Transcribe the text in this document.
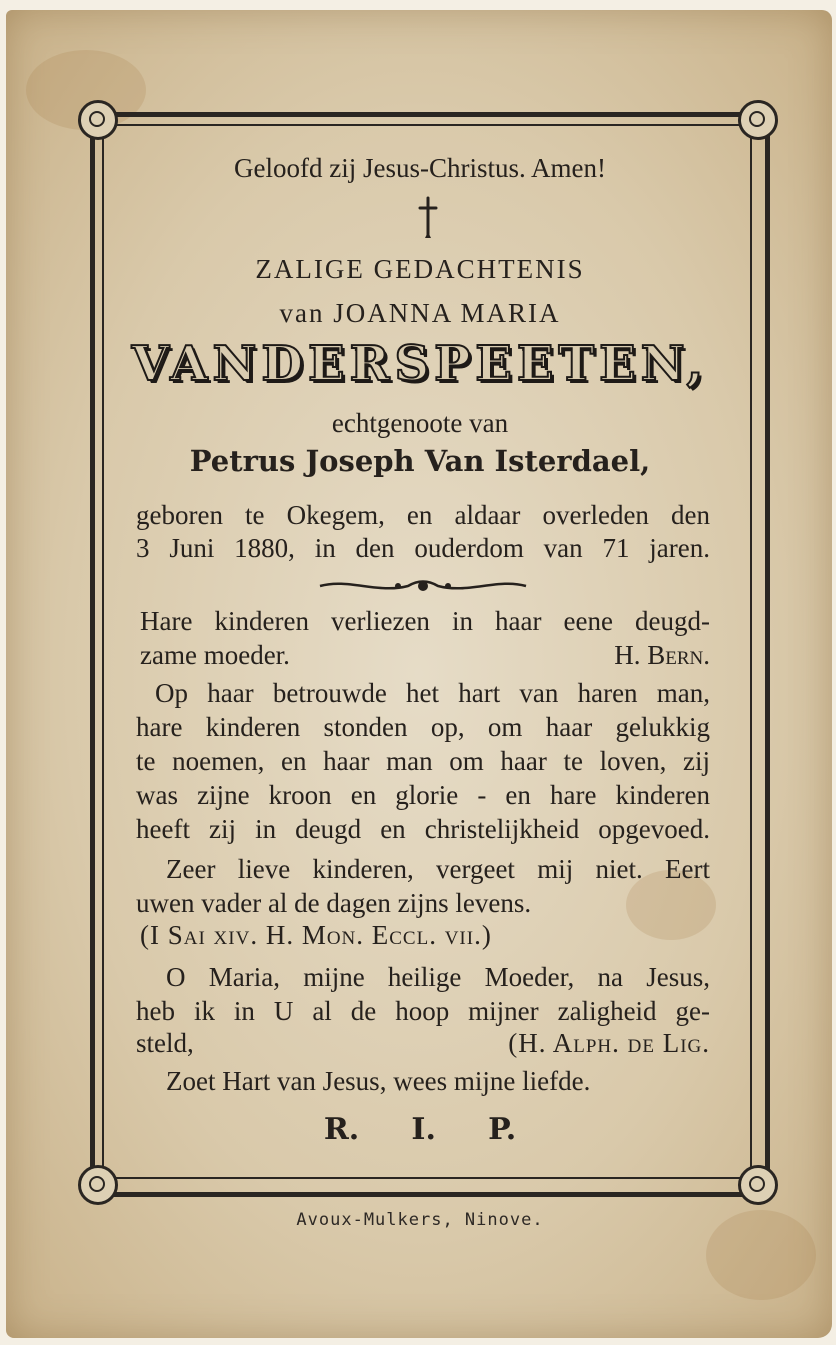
Geloofd zij Jesus-Christus. Amen!
ZALIGE GEDACHTENIS
van JOANNA MARIA
VANDERSPEETEN,
echtgenoote van
Petrus Joseph Van Isterdael,
geboren te Okegem, en aldaar overleden den
3 Juni 1880, in den ouderdom van 71 jaren.
Hare kinderen verliezen in haar eene deugd-
zame moeder.	H. Bern.
Op haar betrouwde het hart van haren man,
hare kinderen stonden op, om haar gelukkig
te noemen, en haar man om haar te loven, zij
was zijne kroon en glorie - en hare kinderen
heeft zij in deugd en christelijkheid opgevoed.
Zeer lieve kinderen, vergeet mij niet. Eert
uwen vader al de dagen zijns levens.
(I Sai xiv. H. Mon. Eccl. vii.)
O Maria, mijne heilige Moeder, na Jesus,
heb ik in U al de hoop mijner zaligheid ge-
steld,	(H. Alph. de Lig.
Zoet Hart van Jesus, wees mijne liefde.
R.     I.     P.
Avoux-Mulkers, Ninove.
